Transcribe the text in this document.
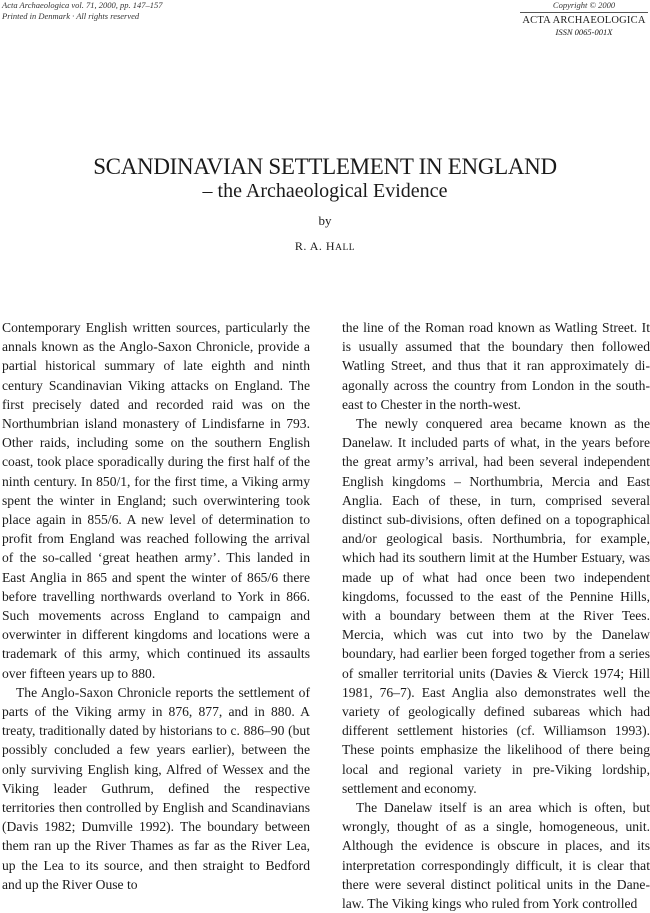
Acta Archaeologica vol. 71, 2000, pp. 147–157
Printed in Denmark · All rights reserved
Copyright © 2000
ACTA ARCHAEOLOGICA
ISSN 0065-001X
SCANDINAVIAN SETTLEMENT IN ENGLAND
– the Archaeological Evidence
by
R. A. HALL

Contemporary English written sources, particularly the annals known as the Anglo-Saxon Chronicle, provide a partial historical summary of late eighth and ninth century Scandinavian Viking attacks on England. The first precisely dated and recorded raid was on the Northumbrian island monastery of Lindisfarne in 793. Other raids, including some on the southern English coast, took place sporadically during the first half of the ninth century. In 850/1, for the first time, a Viking army spent the winter in England; such overwintering took place again in 855/6. A new level of determination to profit from England was reached following the arrival of the so-called ‘great heathen army’. This landed in East Anglia in 865 and spent the winter of 865/6 there before travelling northwards overland to York in 866. Such movements across England to campaign and overwinter in different kingdoms and locations were a trademark of this army, which continued its assaults over fifteen years up to 880.

The Anglo-Saxon Chronicle reports the settlement of parts of the Viking army in 876, 877, and in 880. A treaty, traditionally dated by historians to c. 886–90 (but possibly concluded a few years earlier), between the only surviving English king, Alfred of Wessex and the Viking leader Guthrum, defined the respective territories then controlled by English and Scandinavians (Davis 1982; Dumville 1992). The boundary between them ran up the River Thames as far as the River Lea, up the Lea to its source, and then straight to Bedford and up the River Ouse to

the line of the Roman road known as Watling Street. It is usually assumed that the boundary then followed Watling Street, and thus that it ran approximately diagonally across the country from London in the south-east to Chester in the north-west.

The newly conquered area became known as the Danelaw. It included parts of what, in the years before the great army’s arrival, had been several independent English kingdoms – Northumbria, Mercia and East Anglia. Each of these, in turn, comprised several distinct sub-divisions, often defined on a topographical and/or geological basis. Northumbria, for example, which had its southern limit at the Humber Estuary, was made up of what had once been two independent kingdoms, focussed to the east of the Pennine Hills, with a boundary between them at the River Tees. Mercia, which was cut into two by the Danelaw boundary, had earlier been forged together from a series of smaller territorial units (Davies & Vierck 1974; Hill 1981, 76–7). East Anglia also demonstrates well the variety of geologically defined subareas which had different settlement histories (cf. Williamson 1993). These points emphasize the likelihood of there being local and regional variety in pre-Viking lordship, settlement and economy.

The Danelaw itself is an area which is often, but wrongly, thought of as a single, homogeneous, unit. Although the evidence is obscure in places, and its interpretation correspondingly difficult, it is clear that there were several distinct political units in the Danelaw. The Viking kings who ruled from York controlled
